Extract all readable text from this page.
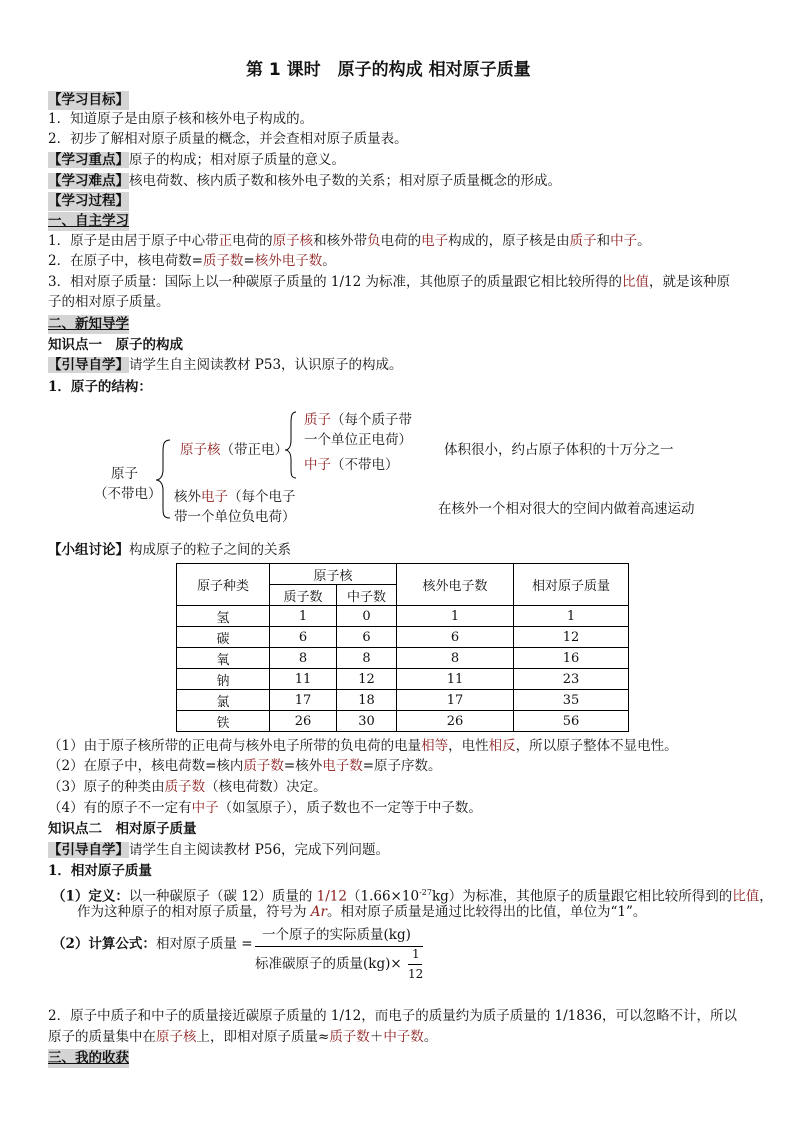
第 1 课时　原子的构成 相对原子质量
【学习目标】
1．知道原子是由原子核和核外电子构成的。
2．初步了解相对原子质量的概念，并会查相对原子质量表。
【学习重点】原子的构成；相对原子质量的意义。
【学习难点】核电荷数、核内质子数和核外电子数的关系；相对原子质量概念的形成。
【学习过程】
一、自主学习
1．原子是由居于原子中心带正电荷的原子核和核外带负电荷的电子构成的，原子核是由质子和中子。
2．在原子中，核电荷数=质子数=核外电子数。
3．相对原子质量：国际上以一种碳原子质量的 1/12 为标准，其他原子的质量跟它相比较所得的比值，就是该种原
子的相对原子质量。
二、新知导学
知识点一　原子的构成
【引导自学】请学生自主阅读教材 P53，认识原子的构成。
1．原子的结构：
原子
（不带电）
原子核（带正电）
质子（每个质子带
一个单位正电荷）
中子（不带电）
核外电子（每个电子
带一个单位负电荷）
体积很小，约占原子体积的十万分之一
在核外一个相对很大的空间内做着高速运动
【小组讨论】构成原子的粒子之间的关系
原子种类	原子核		核外电子数	相对原子质量
	质子数	中子数		
氢	1	0	1	1
碳	6	6	6	12
氧	8	8	8	16
钠	11	12	11	23
氯	17	18	17	35
铁	26	30	26	56
（1）由于原子核所带的正电荷与核外电子所带的负电荷的电量相等，电性相反，所以原子整体不显电性。
（2）在原子中，核电荷数=核内质子数=核外电子数=原子序数。
（3）原子的种类由质子数（核电荷数）决定。
（4）有的原子不一定有中子（如氢原子），质子数也不一定等于中子数。
知识点二　相对原子质量
【引导自学】请学生自主阅读教材 P56，完成下列问题。
1．相对原子质量
（1）定义：以一种碳原子（碳 12）质量的 $1/12(1.66\times 10^{-27}kg)$为标准，其他原子的质量跟它相比较所得到的比值，
作为这种原子的相对原子质量，符号为 Ar。相对原子质量是通过比较得出的比值，单位为“1”。
（2）计算公式： 相对原子质量 =
一个原子的实际质量(kg)
标准碳原子的质量(kg)×
1
12
2．原子中质子和中子的质量接近碳原子质量的 1/12，而电子的质量约为质子质量的 1/1836，可以忽略不计，所以
原子的质量集中在原子核上，即相对原子质量≈质子数＋中子数。
三、我的收获
